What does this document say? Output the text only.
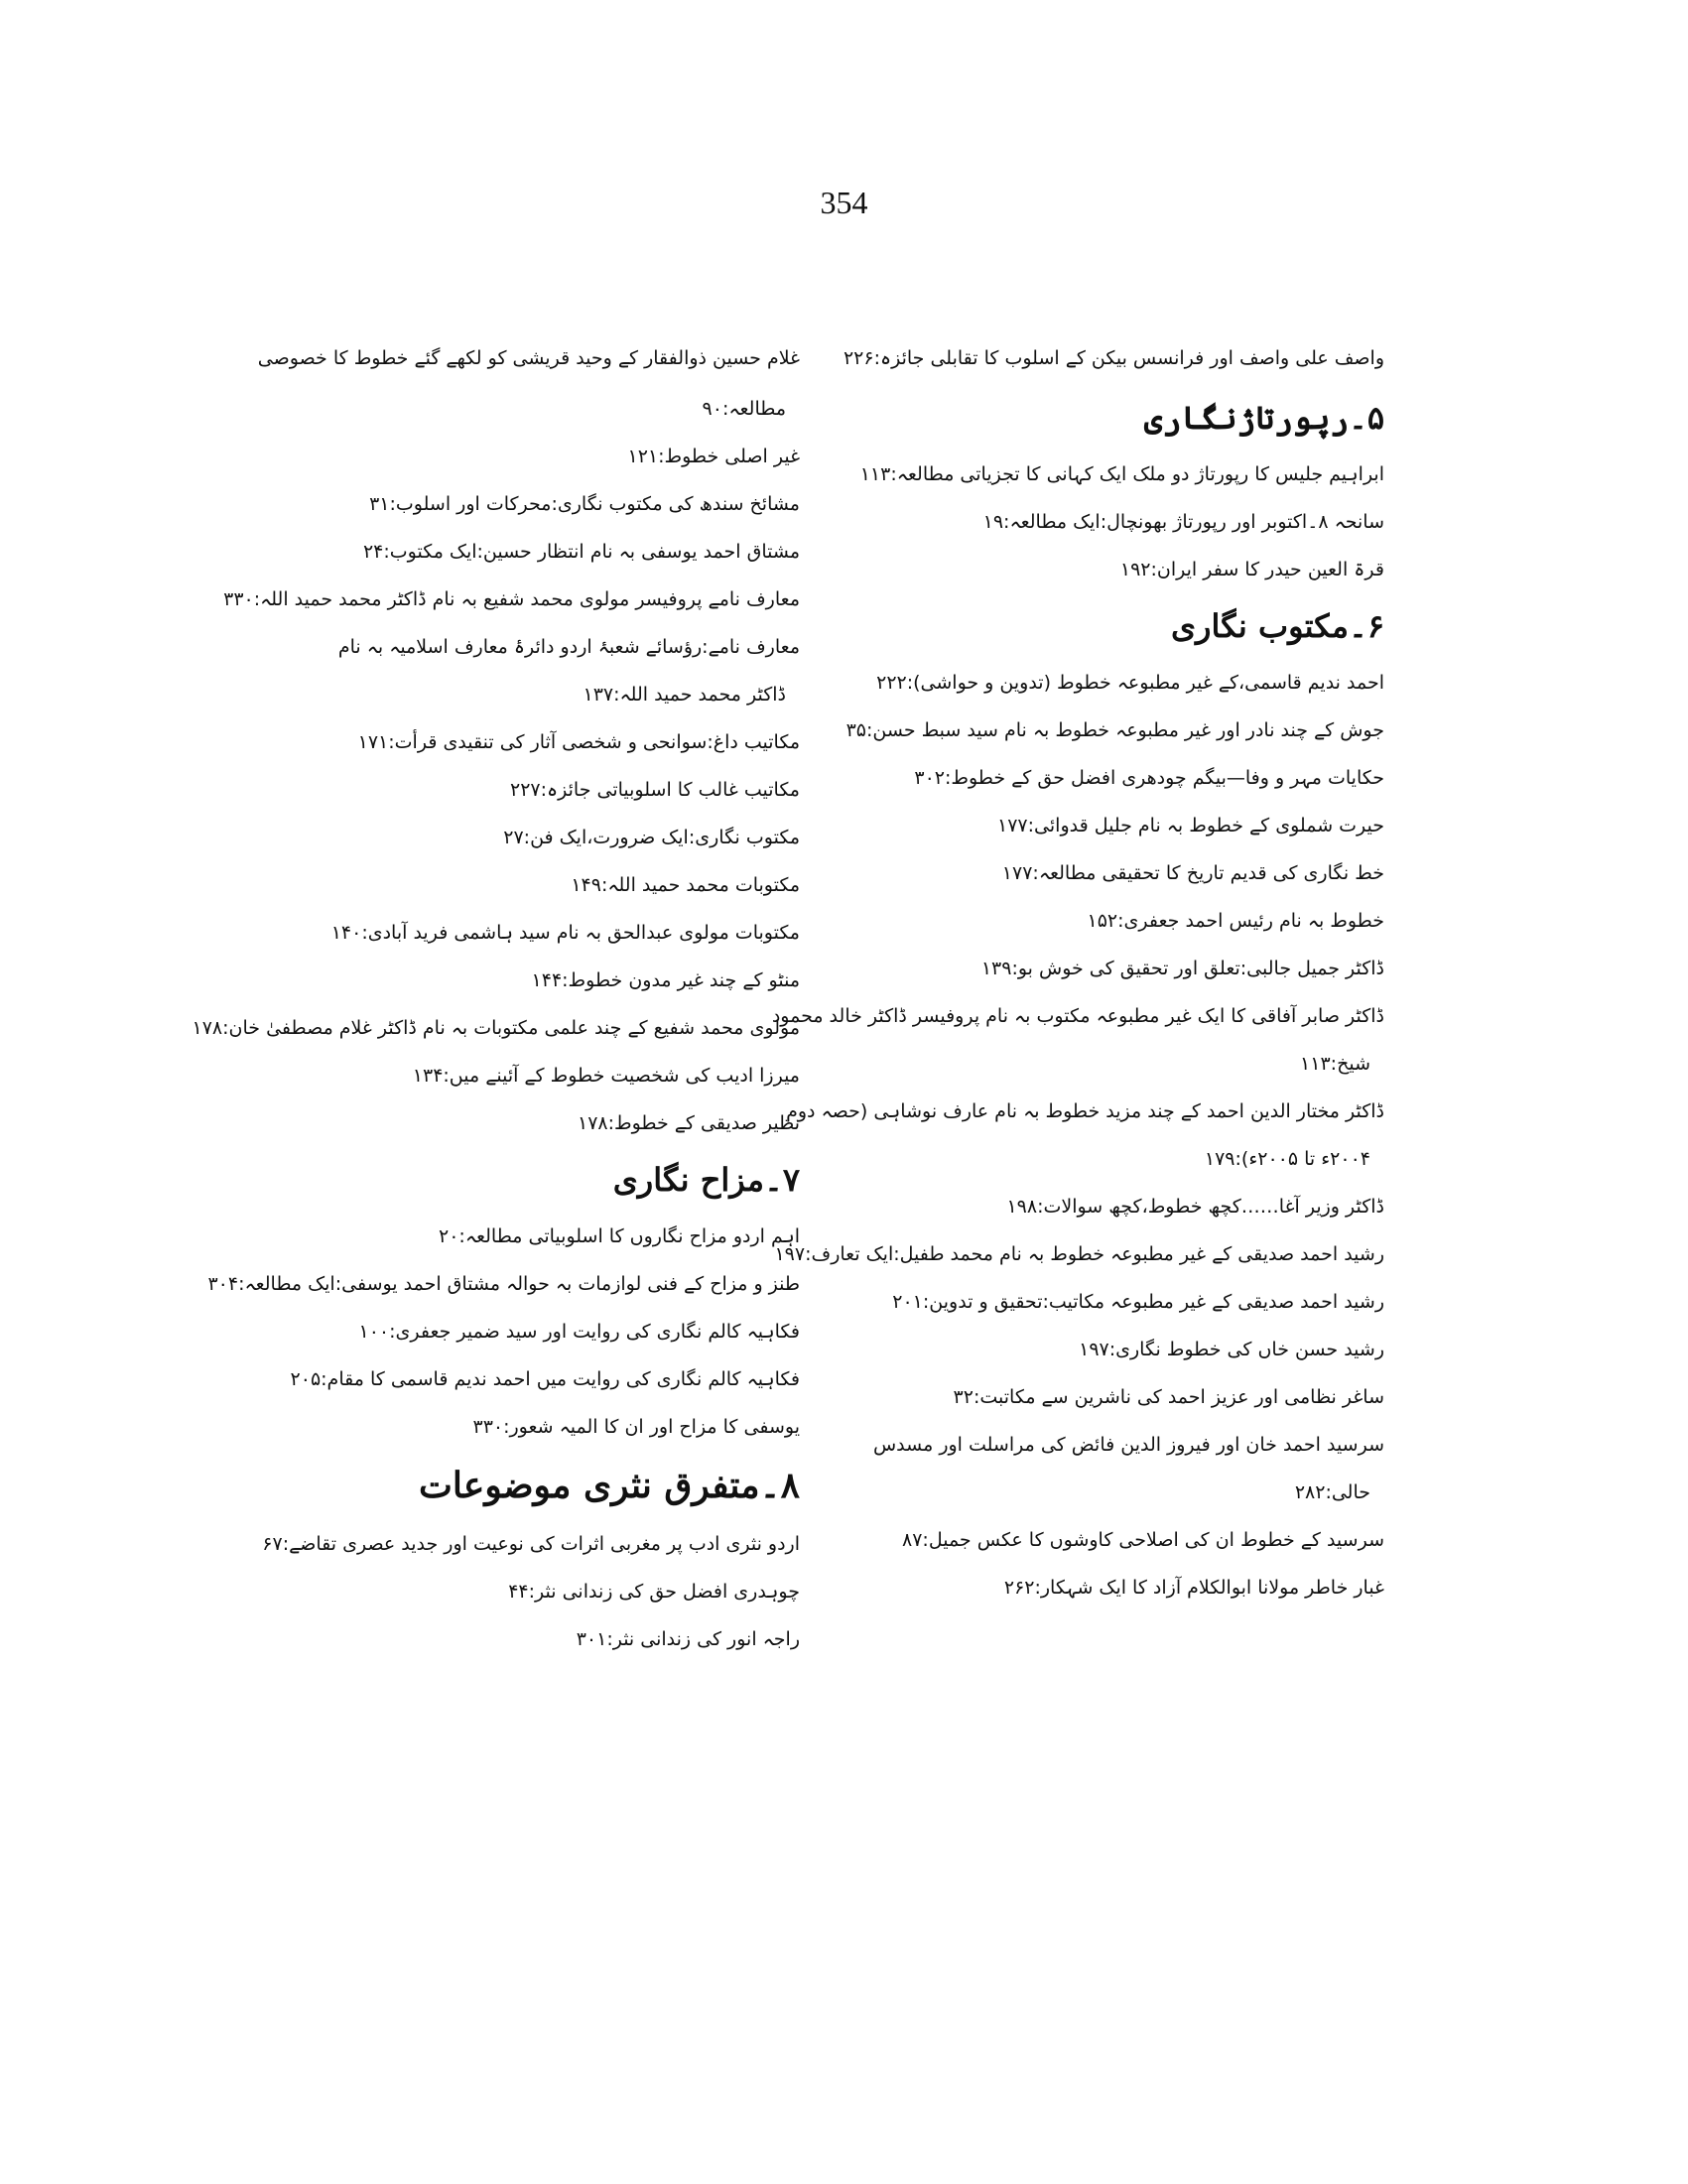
354
واصف علی واصف اور فرانسس بیکن کے اسلوب کا تقابلی جائزہ:۲۲۶
۵۔رپورتاژنگاری
ابراہیم جلیس کا رپورتاژ دو ملک ایک کہانی کا تجزیاتی مطالعہ:۱۱۳
سانحہ ۸۔اکتوبر اور رپورتاژ بھونچال:ایک مطالعہ:۱۹
قرۃ العین حیدر کا سفر ایران:۱۹۲
۶۔مکتوب نگاری
احمد ندیم قاسمی،کے غیر مطبوعہ خطوط (تدوین و حواشی):۲۲۲
جوش کے چند نادر اور غیر مطبوعہ خطوط بہ نام سید سبط حسن:۳۵
حکایات مہر و وفا—بیگم چودھری افضل حق کے خطوط:۳۰۲
حیرت شملوی کے خطوط بہ نام جلیل قدوائی:۱۷۷
خط نگاری کی قدیم تاریخ کا تحقیقی مطالعہ:۱۷۷
خطوط بہ نام رئیس احمد جعفری:۱۵۲
ڈاکٹر جمیل جالبی:تعلق اور تحقیق کی خوش بو:۱۳۹
ڈاکٹر صابر آفاقی کا ایک غیر مطبوعہ مکتوب بہ نام پروفیسر ڈاکٹر خالد محمود
شیخ:۱۱۳
ڈاکٹر مختار الدین احمد کے چند مزید خطوط بہ نام عارف نوشاہی (حصہ دوم
۲۰۰۴ء تا ۲۰۰۵ء):۱۷۹
ڈاکٹر وزیر آغا……کچھ خطوط،کچھ سوالات:۱۹۸
رشید احمد صدیقی کے غیر مطبوعہ خطوط بہ نام محمد طفیل:ایک تعارف:۱۹۷
رشید احمد صدیقی کے غیر مطبوعہ مکاتیب:تحقیق و تدوین:۲۰۱
رشید حسن خاں کی خطوط نگاری:۱۹۷
ساغر نظامی اور عزیز احمد کی ناشرین سے مکاتبت:۳۲
سرسید احمد خان اور فیروز الدین فائض کی مراسلت اور مسدس
حالی:۲۸۲
سرسید کے خطوط ان کی اصلاحی کاوشوں کا عکس جمیل:۸۷
غبار خاطر مولانا ابوالکلام آزاد کا ایک شہکار:۲۶۲
غلام حسین ذوالفقار کے وحید قریشی کو لکھے گئے خطوط کا خصوصی
مطالعہ:۹۰
غیر اصلی خطوط:۱۲۱
مشائخ سندھ کی مکتوب نگاری:محرکات اور اسلوب:۳۱
مشتاق احمد یوسفی بہ نام انتظار حسین:ایک مکتوب:۲۴
معارف نامے پروفیسر مولوی محمد شفیع بہ نام ڈاکٹر محمد حمید اللہ:۳۳۰
معارف نامے:رؤسائے شعبۂ اردو دائرۂ معارف اسلامیہ بہ نام
ڈاکٹر محمد حمید اللہ:۱۳۷
مکاتیب داغ:سوانحی و شخصی آثار کی تنقیدی قرأت:۱۷۱
مکاتیب غالب کا اسلوبیاتی جائزہ:۲۲۷
مکتوب نگاری:ایک ضرورت،ایک فن:۲۷
مکتوبات محمد حمید اللہ:۱۴۹
مکتوبات مولوی عبدالحق بہ نام سید ہاشمی فرید آبادی:۱۴۰
منٹو کے چند غیر مدون خطوط:۱۴۴
مولوی محمد شفیع کے چند علمی مکتوبات بہ نام ڈاکٹر غلام مصطفیٰ خان:۱۷۸
میرزا ادیب کی شخصیت خطوط کے آئینے میں:۱۳۴
نظیر صدیقی کے خطوط:۱۷۸
۷۔مزاح نگاری
اہم اردو مزاح نگاروں کا اسلوبیاتی مطالعہ:۲۰
طنز و مزاح کے فنی لوازمات بہ حوالہ مشتاق احمد یوسفی:ایک مطالعہ:۳۰۴
فکاہیہ کالم نگاری کی روایت اور سید ضمیر جعفری:۱۰۰
فکاہیہ کالم نگاری کی روایت میں احمد ندیم قاسمی کا مقام:۲۰۵
یوسفی کا مزاح اور ان کا المیہ شعور:۳۳۰
۸۔متفرق نثری موضوعات
اردو نثری ادب پر مغربی اثرات کی نوعیت اور جدید عصری تقاضے:۶۷
چوہدری افضل حق کی زندانی نثر:۴۴
راجہ انور کی زندانی نثر:۳۰۱
